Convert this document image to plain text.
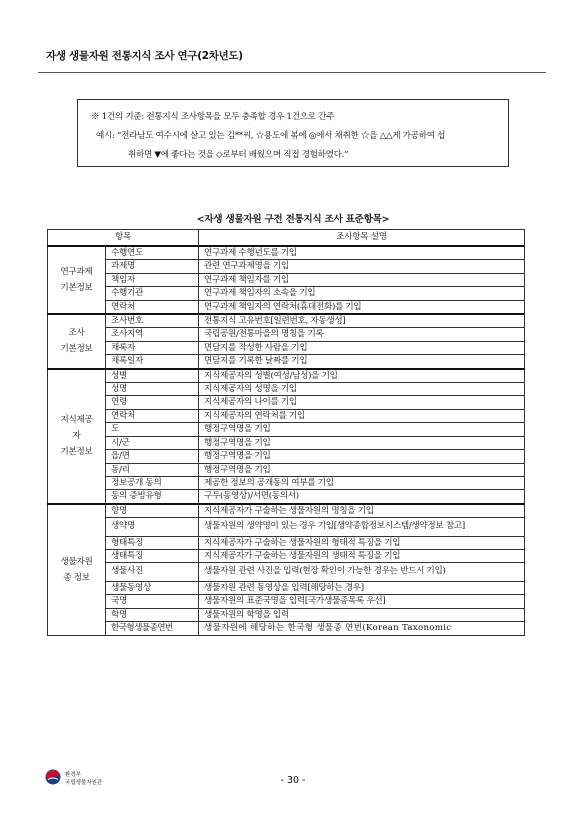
자생 생물자원 전통지식 조사 연구(2차년도)
※ 1건의 기준: 전통지식 조사항목을 모두 충족할 경우 1건으로 간주
예시: “전라남도 여수시에 살고 있는 김**씨, ☆용도에 볶에 ◎에서 채취한 ☆을 △△게 가공하여 섭
취하면 ▼에 좋다는 것을 ◇로부터 배웠으며 직접 경험하였다.”
<자생 생물자원 구전 전통지식 조사 표준항목>
항목		조사항목 설명
연구과제
기본정보	수행연도	연구과제 수행년도를 기입
	과제명	관련 연구과제명을 기입
	책임자	연구과제 책임자를 기입
	수행기관	연구과제 책임자의 소속을 기입
	연락처	연구과제 책임자의 연락처(휴대전화)를 기입
조사
기본정보	조사번호	전통지식 고유번호[일련번호, 자동생성]
	조사지역	국립공원/전통마을의 명칭을 기록
	채록자	면담지를 작성한 사람을 기입
	채록일자	면담지를 기록한 날짜를 기입
지식제공
자
기본정보	성별	지식제공자의 성별(여성/남성)을 기입
	성명	지식제공자의 성명을 기입
	연령	지식제공자의 나이를 기입
	연락처	지식제공자의 연락처를 기입
	도	행정구역명을 기입
	시/군	행정구역명을 기입
	읍/면	행정구역명을 기입
	동/리	행정구역명을 기입
	정보공개 동의	제공한 정보의 공개동의 여부를 기입
	동의 증빙유형	구두(동영상)/서면(동의서)
생물자원
종 정보	향명	지식제공자가 구술하는 생물자원의 명칭을 기입
	생약명	생물자원의 생약명이 있는 경우 기입[생약종합정보시스템/생약정보 참고]
	형태특징	지식제공자가 구술하는 생물자원의 형태적 특징을 기입
	생태특징	지식제공자가 구술하는 생물자원의 생태적 특징을 기입
	생물사진	생물자원 관련 사진을 입력(현장 확인이 가능한 경우는 반드시 기입)
	생물동영상	생물자원 관련 동영상을 입력[해당하는 경우]
	국명	생물자원의 표준국명을 입력[국가생물종목록 우선]
	학명	생물자원의 학명을 입력
	한국형생물종연번	생물자원에 해당하는 한국형 생물종 연번(Korean Taxonomic
환경부
국립생물자원관	- 30 -
